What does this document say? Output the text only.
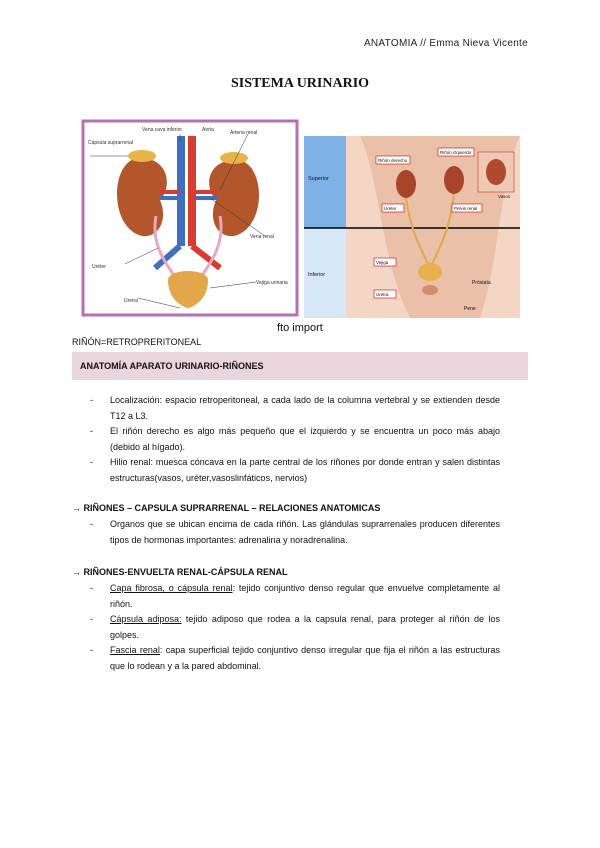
ANATOMIA // Emma Nieva Vicente
SISTEMA URINARIO
Vena cava inferior	Aorta
Cápsula suprarrenal
Arteria renal
Vena renal
Uréter
Vejiga urinaria
Uretra
Superior
Inferior
Riñón derecho
Riñón izquierdo
Uréter	Pelvis renal
Vejiga
Uretra
Próstata
Pene
Vasos
fto import
RIÑÓN=RETROPRERITONEAL
ANATOMÍA APARATO URINARIO-RIÑONES
- Localización: espacio retroperitoneal, a cada lado de la columna vertebral y se extienden desde T12 a L3.
- El riñón derecho es algo más pequeño que el izquierdo y se encuentra un poco más abajo (debido al hígado).
- Hilio renal: muesca cóncava en la parte central de los riñones por donde entran y salen distintas estructuras(vasos, uréter,vasoslinfáticos, nervios)
→ RIÑONES – CAPSULA SUPRARRENAL – RELACIONES ANATOMICAS
- Organos que se ubican encima de cada riñón. Las glándulas suprarrenales producen diferentes tipos de hormonas importantes: adrenalina y noradrenalina.
→ RIÑONES-ENVUELTA RENAL-CÁPSULA RENAL
- Capa fibrosa, o cápsula renal: tejido conjuntivo denso regular que envuelve completamente al riñón.
- Cápsula adiposa: tejido adiposo que rodea a la capsula renal, para proteger al riñón de los golpes.
- Fascia renal: capa superficial tejido conjuntivo denso irregular que fija el riñón a las estructuras que lo rodean y a la pared abdominal.
